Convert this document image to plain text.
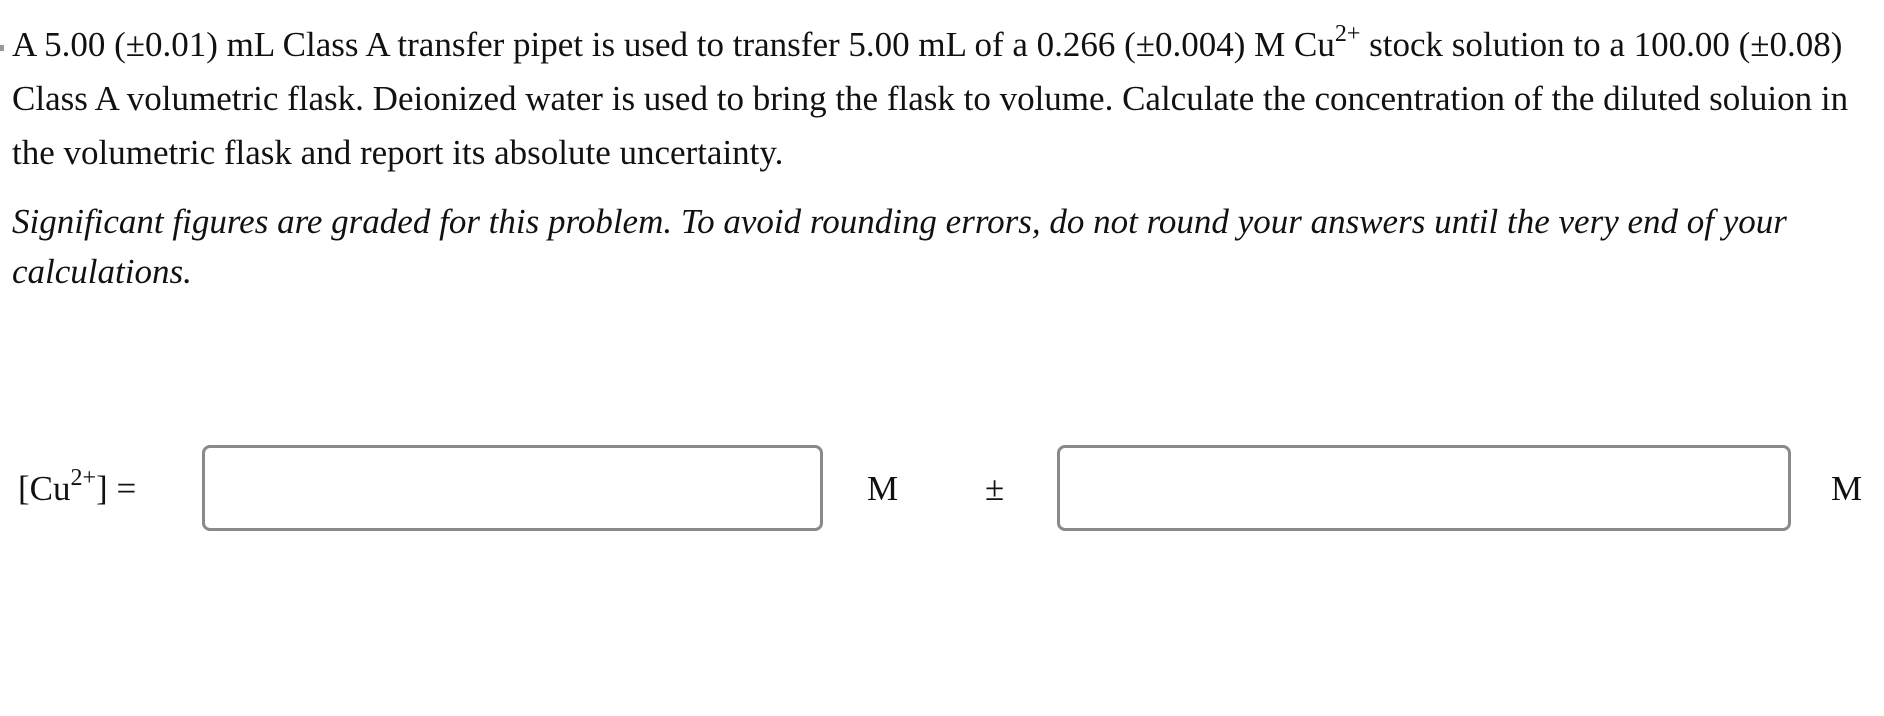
A 5.00 (±0.01) mL Class A transfer pipet is used to transfer 5.00 mL of a 0.266 (±0.004) M $Cu^{2+}$ stock solution to a 100.00 (±0.08) Class A volumetric flask. Deionized water is used to bring the flask to volume. Calculate the concentration of the diluted soluion in the volumetric flask and report its absolute uncertainty.

Significant figures are graded for this problem. To avoid rounding errors, do not round your answers until the very end of your calculations.
$[Cu^{2+}]$ =	M ±	M
